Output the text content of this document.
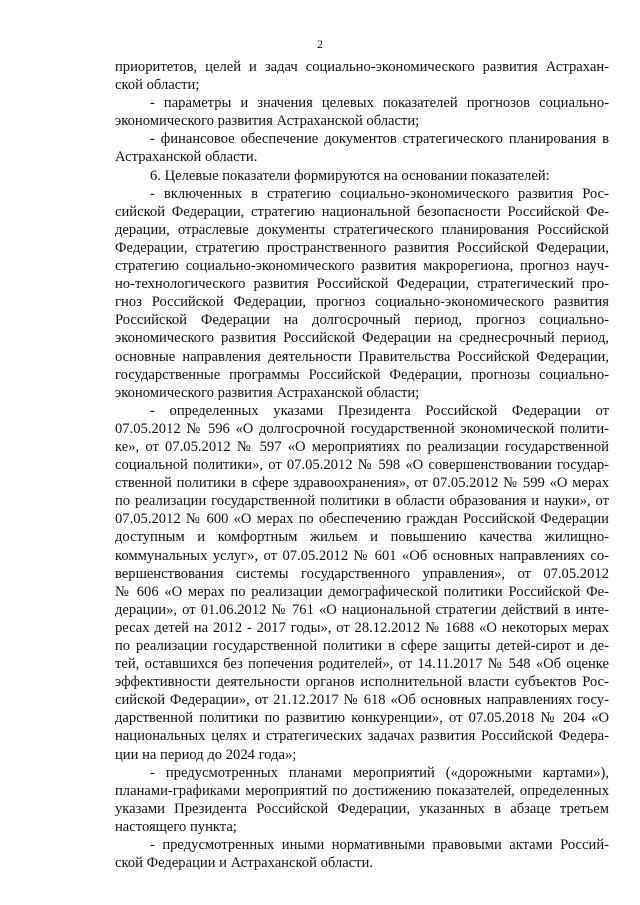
2
приоритетов, целей и задач социально-экономического развития Астрахан-
ской области;
- параметры и значения целевых показателей прогнозов социально-
экономического развития Астраханской области;
- финансовое обеспечение документов стратегического планирования в
Астраханской области.
6. Целевые показатели формируются на основании показателей:
- включенных в стратегию социально-экономического развития Рос-
сийской Федерации, стратегию национальной безопасности Российской Фе-
дерации, отраслевые документы стратегического планирования Российской
Федерации, стратегию пространственного развития Российской Федерации,
стратегию социально-экономического развития макрорегиона, прогноз науч-
но-технологического развития Российской Федерации, стратегический про-
гноз Российской Федерации, прогноз социально-экономического развития
Российской Федерации на долгосрочный период, прогноз социально-
экономического развития Российской Федерации на среднесрочный период,
основные направления деятельности Правительства Российской Федерации,
государственные программы Российской Федерации, прогнозы социально-
экономического развития Астраханской области;
- определенных указами Президента Российской Федерации от
07.05.2012 № 596 «О долгосрочной государственной экономической полити-
ке», от 07.05.2012 № 597 «О мероприятиях по реализации государственной
социальной политики», от 07.05.2012 № 598 «О совершенствовании государ-
ственной политики в сфере здравоохранения», от 07.05.2012 № 599 «О мерах
по реализации государственной политики в области образования и науки», от
07.05.2012 № 600 «О мерах по обеспечению граждан Российской Федерации
доступным и комфортным жильем и повышению качества жилищно-
коммунальных услуг», от 07.05.2012 № 601 «Об основных направлениях со-
вершенствования системы государственного управления», от 07.05.2012
№ 606 «О мерах по реализации демографической политики Российской Фе-
дерации», от 01.06.2012 № 761 «О национальной стратегии действий в инте-
ресах детей на 2012 - 2017 годы», от 28.12.2012 № 1688 «О некоторых мерах
по реализации государственной политики в сфере защиты детей-сирот и де-
тей, оставшихся без попечения родителей», от 14.11.2017 № 548 «Об оценке
эффективности деятельности органов исполнительной власти субъектов Рос-
сийской Федерации», от 21.12.2017 № 618 «Об основных направлениях госу-
дарственной политики по развитию конкуренции», от 07.05.2018 № 204 «О
национальных целях и стратегических задачах развития Российской Федера-
ции на период до 2024 года»;
- предусмотренных планами мероприятий («дорожными картами»),
планами-графиками мероприятий по достижению показателей, определенных
указами Президента Российской Федерации, указанных в абзаце третьем
настоящего пункта;
- предусмотренных иными нормативными правовыми актами Россий-
ской Федерации и Астраханской области.
